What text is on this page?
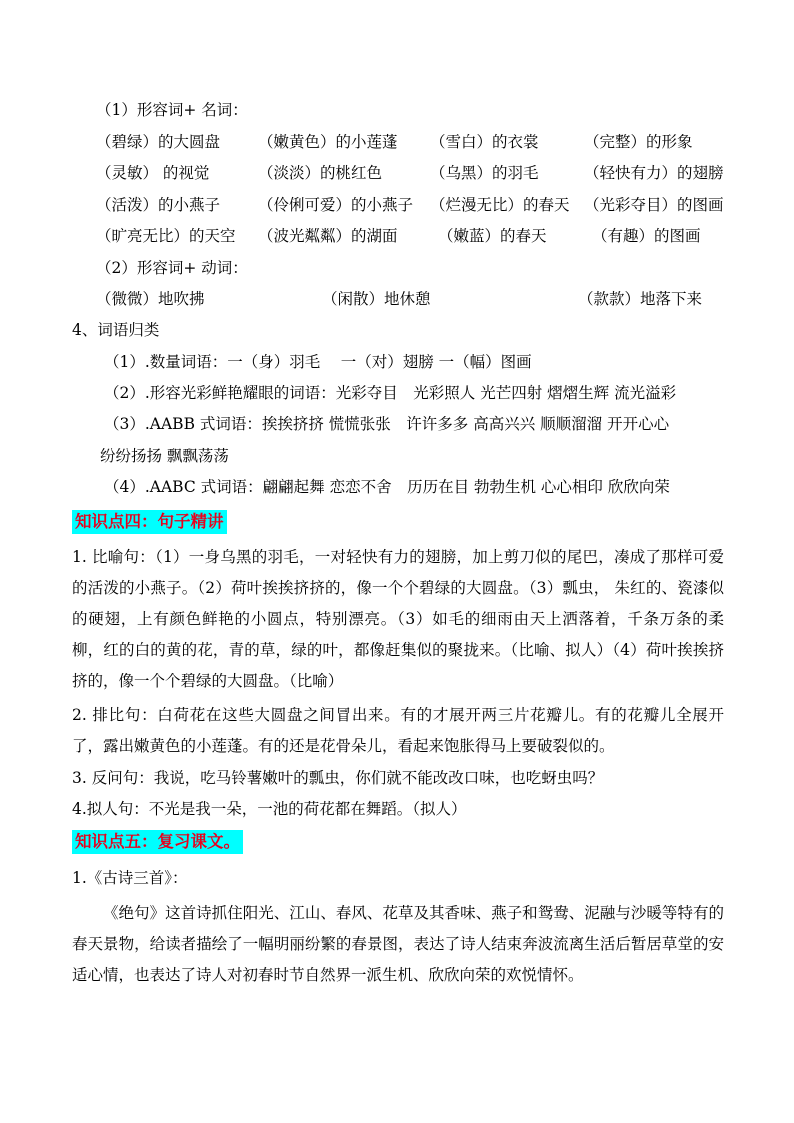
（1）形容词+ 名词：
（碧绿）的大圆盘 （嫩黄色）的小莲蓬 （雪白）的衣裳	（完整）的形象
（灵敏） 的视觉	（淡淡）的桃红色	（乌黑）的羽毛	（轻快有力）的翅膀
（活泼）的小燕子 （伶俐可爱）的小燕子 （烂漫无比）的春天 （光彩夺目）的图画
（旷亮无比）的天空 （波光粼粼）的湖面	（嫩蓝）的春天	（有趣）的图画
（2）形容词+ 动词：
（微微）地吹拂	（闲散）地休憩	（款款）地落下来
4、词语归类
（1）.数量词语：一（身）羽毛　 一（对）翅膀 一（幅）图画
（2）.形容光彩鲜艳耀眼的词语：光彩夺目　光彩照人 光芒四射 熠熠生辉 流光溢彩
（3）.AABB 式词语：挨挨挤挤 慌慌张张　许许多多 高高兴兴 顺顺溜溜 开开心心
纷纷扬扬 飘飘荡荡
（4）.AABC 式词语：翩翩起舞 恋恋不舍　历历在目 勃勃生机 心心相印 欣欣向荣
知识点四：句子精讲
1. 比喻句：（1）一身乌黑的羽毛，一对轻快有力的翅膀，加上剪刀似的尾巴，凑成了那样可爱的活泼的小燕子。（2）荷叶挨挨挤挤的，像一个个碧绿的大圆盘。（3）瓢虫， 朱红的、瓷漆似的硬翅，上有颜色鲜艳的小圆点，特别漂亮。（3）如毛的细雨由天上洒落着，千条万条的柔柳，红的白的黄的花，青的草，绿的叶，都像赶集似的聚拢来。（比喻、拟人）（4）荷叶挨挨挤挤的，像一个个碧绿的大圆盘。（比喻）
2. 排比句：白荷花在这些大圆盘之间冒出来。有的才展开两三片花瓣儿。有的花瓣儿全展开了，露出嫩黄色的小莲蓬。有的还是花骨朵儿，看起来饱胀得马上要破裂似的。
3. 反问句：我说，吃马铃薯嫩叶的瓢虫，你们就不能改改口味，也吃蚜虫吗？
4.拟人句：不光是我一朵，一池的荷花都在舞蹈。（拟人）
知识点五：复习课文。
1.《古诗三首》：
《绝句》这首诗抓住阳光、江山、春风、花草及其香味、燕子和鸳鸯、泥融与沙暖等特有的春天景物，给读者描绘了一幅明丽纷繁的春景图，表达了诗人结束奔波流离生活后暂居草堂的安适心情，也表达了诗人对初春时节自然界一派生机、欣欣向荣的欢悦情怀。
